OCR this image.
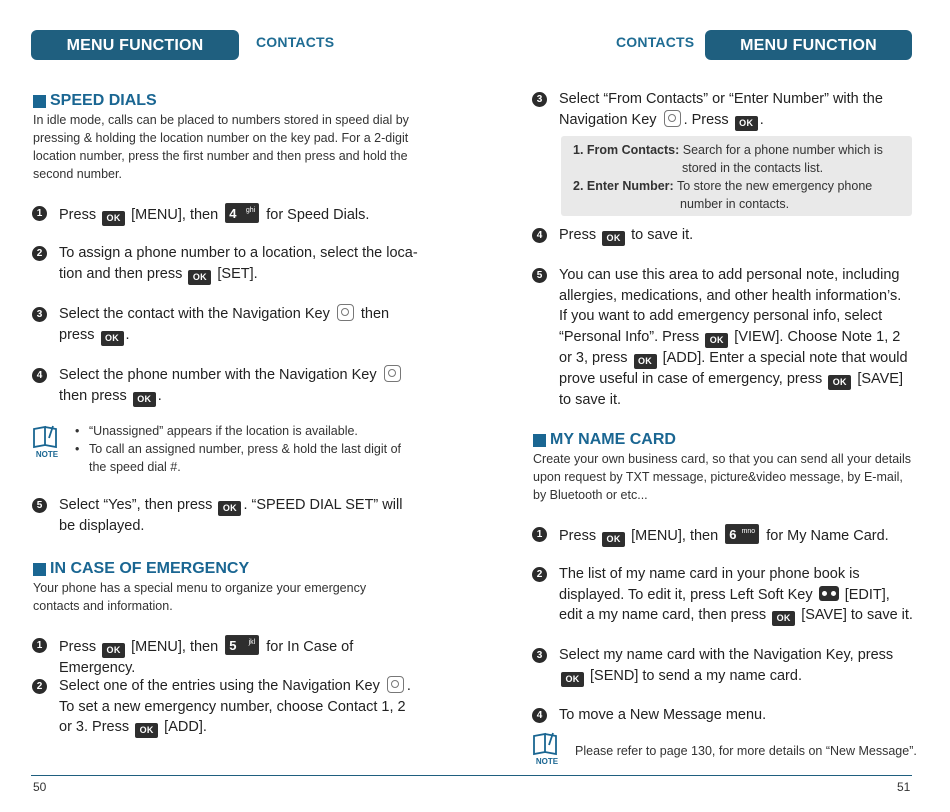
MENU FUNCTION	CONTACTS
SPEED DIALS
In idle mode, calls can be placed to numbers stored in speed dial by pressing & holding the location number on the key pad. For a 2-digit location number, press the first number and then press and hold the second number.
1	Press OK [MENU], then 4 ghi for Speed Dials.
2	To assign a phone number to a location, select the loca-tion and then press OK [SET].
3	Select the contact with the Navigation Key then press OK .
4	Select the phone number with the Navigation Key  then press OK .
NOTE
• “Unassigned” appears if the location is available.
• To call an assigned number, press & hold the last digit of the speed dial #.
5	Select “Yes”, then press OK . “SPEED DIAL SET” will be displayed.
IN CASE OF EMERGENCY
Your phone has a special menu to organize your emergency contacts and information.
1	Press OK [MENU], then 5 jkl for In Case of Emergency.
2	Select one of the entries using the Navigation Key . To set a new emergency number, choose Contact 1, 2 or 3. Press OK [ADD].
50
CONTACTS	MENU FUNCTION
3	Select “From Contacts” or “Enter Number” with the Navigation Key . Press OK .
1. From Contacts: Search for a phone number which is
stored in the contacts list.
2. Enter Number: To store the new emergency phone
number in contacts.
4	Press OK to save it.
5	You can use this area to add personal note, including allergies, medications, and other health information’s. If you want to add emergency personal info, select “Personal Info”. Press OK [VIEW]. Choose Note 1, 2 or 3, press OK [ADD]. Enter a special note that would prove useful in case of emergency, press OK [SAVE] to save it.
MY NAME CARD
Create your own business card, so that you can send all your details upon request by TXT message, picture&video message, by E-mail, by Bluetooth or etc...
1	Press OK [MENU], then 6 mno for My Name Card.
2	The list of my name card in your phone book is displayed. To edit it, press Left Soft Key [EDIT], edit a my name card, then press OK [SAVE] to save it.
3	Select my name card with the Navigation Key, press OK [SEND] to send a my name card.
4	To move a New Message menu.
NOTE
Please refer to page 130, for more details on “New Message”.
51
